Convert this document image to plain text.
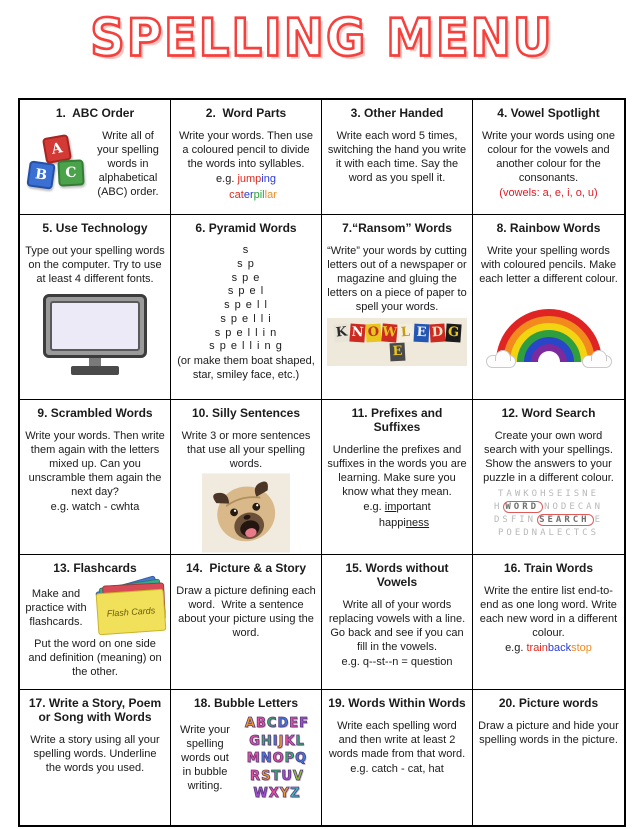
SPELLING MENU
1.  ABC Order
A
B	C
Write all of your spelling words in alphabetical (ABC) order.
2.  Word Parts
Write your words. Then use a coloured pencil to divide the words into syllables.
e.g. jumping
caterpillar
3. Other Handed
Write each word 5 times, switching the hand you write it with each time. Say the word as you spell it.
4. Vowel Spotlight
Write your words using one colour for the vowels and another colour for the consonants.
(vowels: a, e, i, o, u)
5. Use Technology
Type out your spelling words on the computer. Try to use at least 4 different fonts.
6. Pyramid Words
s
s p
s p e
s p e l
s p e l l
s p e l l i
s p e l l i n
s p e l l i n g
(or make them boat shaped, star, smiley face, etc.)
7.“Ransom” Words
“Write” your words by cutting letters out of a newspaper or magazine and gluing the letters on a piece of paper to spell your words.
K N O W L E D GE
8. Rainbow Words
Write your spelling words with coloured pencils. Make each letter a different colour.
9. Scrambled Words
Write your words. Then write them again with the letters mixed up. Can you unscramble them again the next day?
e.g. watch - cwhta
10. Silly Sentences
Write 3 or more sentences that use all your spelling words.
11. Prefixes and Suffixes
Underline the prefixes and suffixes in the words you are learning. Make sure you know what they mean.
e.g. important
happiness
12. Word Search
Create your own word search with your spellings. Show the answers to your puzzle in a different colour.
TAWKOHSEISNE
H WORD NODECAN
DSFIN SEARCH E
POEDNALECTCS
13. Flashcards
Make and practice with flashcards.
Flash Cards
Put the word on one side and definition (meaning) on the other.
14.  Picture & a Story
Draw a picture defining each word.  Write a sentence about your picture using the word.
15. Words without Vowels
Write all of your words replacing vowels with a line. Go back and see if you can fill in the vowels.
e.g. q--st--n = question
16. Train Words
Write the entire list end-to-end as one long word. Write each new word in a different colour.
e.g. trainbackstop
17. Write a Story, Poem or Song with Words
Write a story using all your spelling words. Underline the words you used.
18. Bubble Letters
Write your spelling words out in bubble writing.
ABCDEF
GHIJKL
MNOPQ
RSTUV
WXYZ
19. Words Within Words
Write each spelling word and then write at least 2 words made from that word.
e.g. catch - cat, hat
20. Picture words
Draw a picture and hide your spelling words in the picture.
